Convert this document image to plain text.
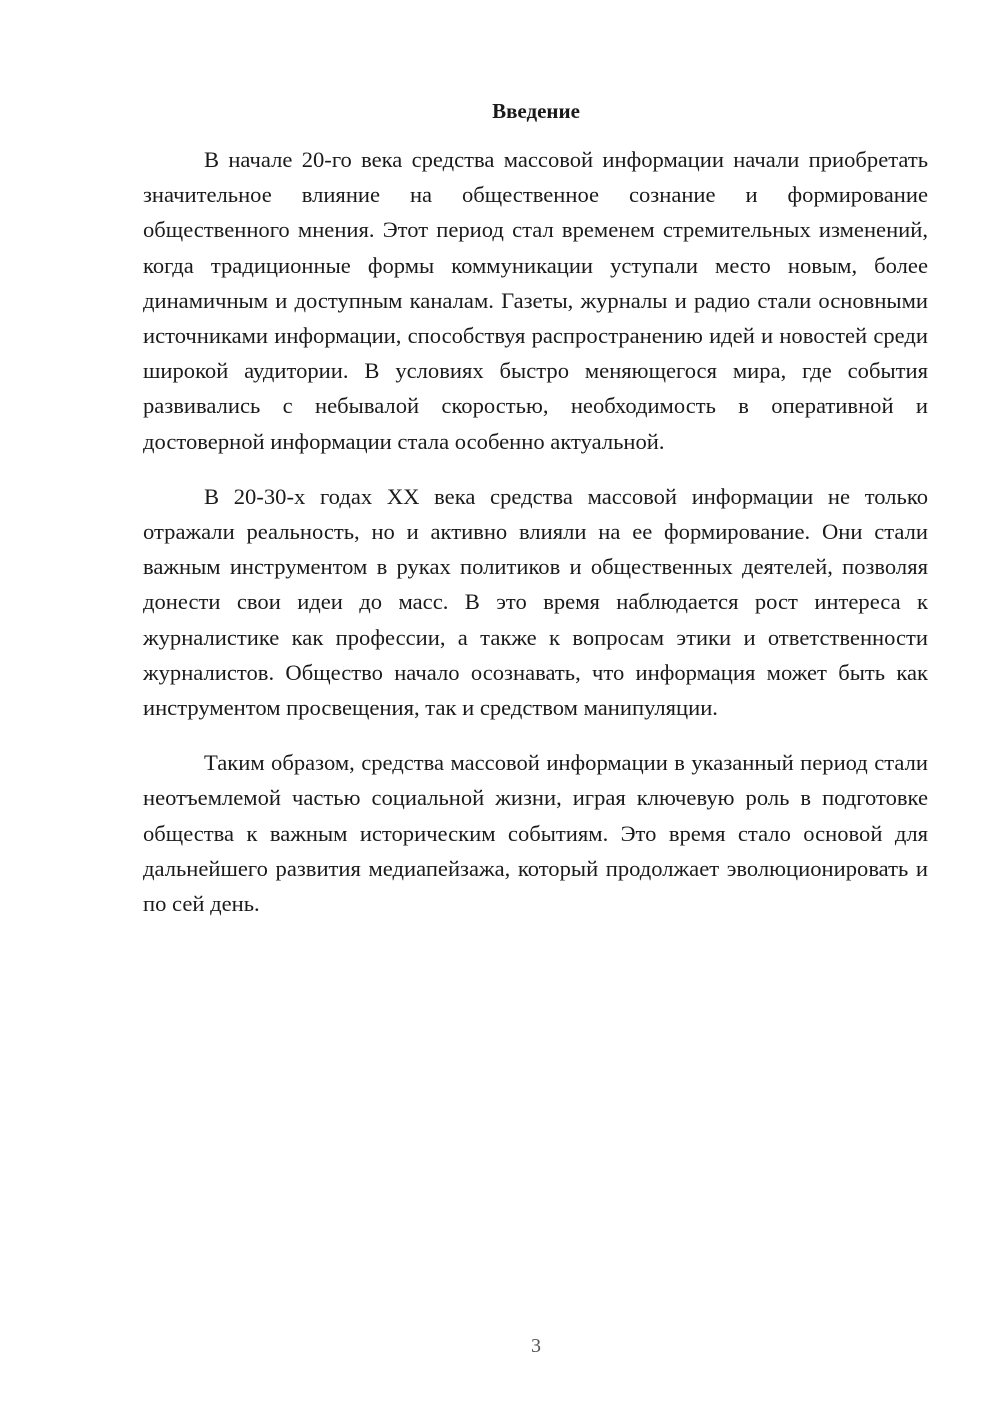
Введение

В начале 20-го века средства массовой информации начали приобретать значительное влияние на общественное сознание и формирование общественного мнения. Этот период стал временем стремительных изменений, когда традиционные формы коммуникации уступали место новым, более динамичным и доступным каналам. Газеты, журналы и радио стали основными источниками информации, способствуя распространению идей и новостей среди широкой аудитории. В условиях быстро меняющегося мира, где события развивались с небывалой скоростью, необходимость в оперативной и достоверной информации стала особенно актуальной.

В 20-30-х годах XX века средства массовой информации не только отражали реальность, но и активно влияли на ее формирование. Они стали важным инструментом в руках политиков и общественных деятелей, позволяя донести свои идеи до масс. В это время наблюдается рост интереса к журналистике как профессии, а также к вопросам этики и ответственности журналистов. Общество начало осознавать, что информация может быть как инструментом просвещения, так и средством манипуляции.

Таким образом, средства массовой информации в указанный период стали неотъемлемой частью социальной жизни, играя ключевую роль в подготовке общества к важным историческим событиям. Это время стало основой для дальнейшего развития медиапейзажа, который продолжает эволюционировать и по сей день.

3
